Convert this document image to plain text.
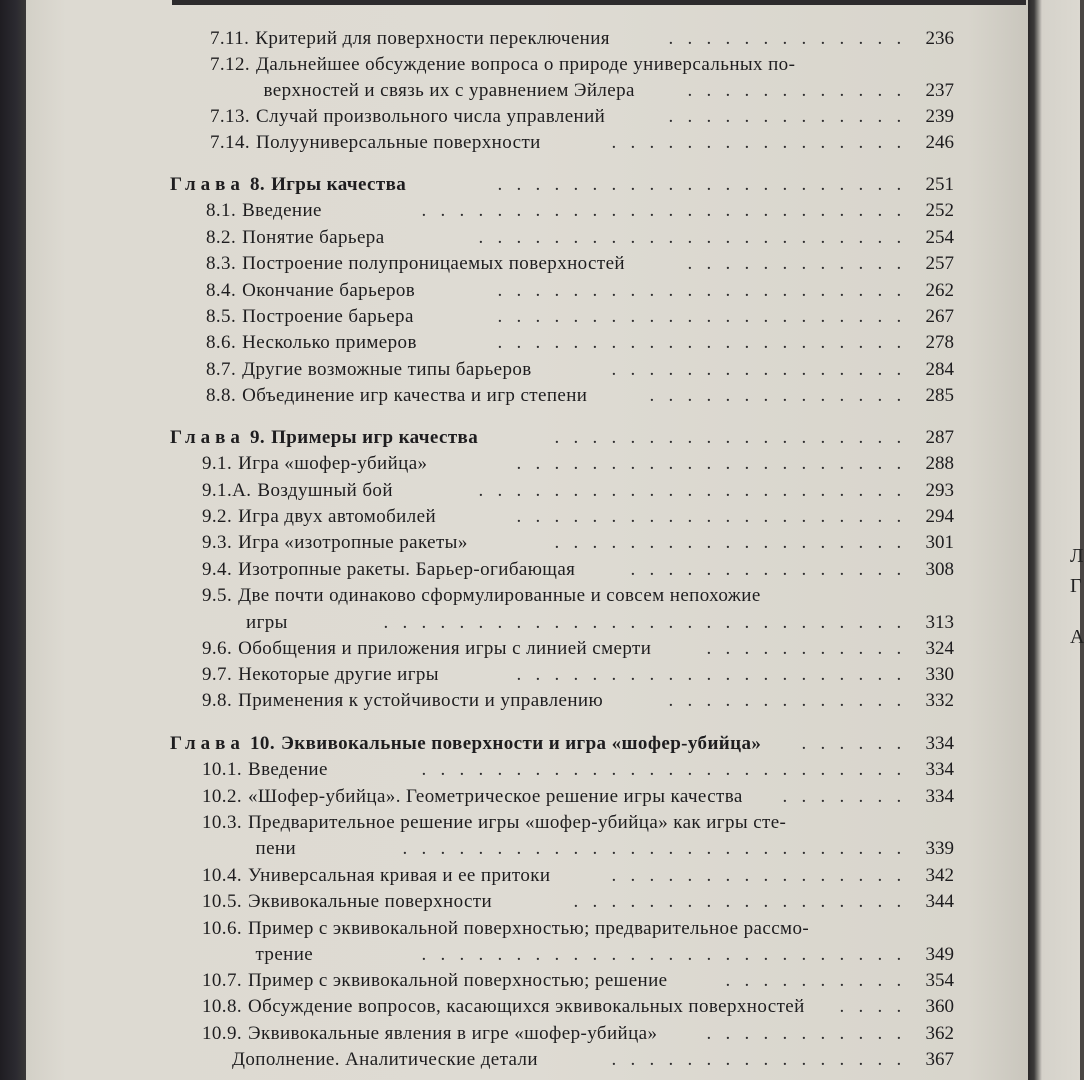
7.11. Критерий для поверхности переключения	.   .   .   .   .   .   .   .   .   .   .   .   . 236
7.12. Дальнейшее обсуждение вопроса о природе универсальных по-
верхностей и связь их с уравнением Эйлера	.   .   .   .   .   .   .   .   .   .   .   . 237
7.13. Случай произвольного числа управлений	.   .   .   .   .   .   .   .   .   .   .   .   . 239
7.14. Полууниверсальные поверхности	.   .   .   .   .   .   .   .   .   .   .   .   .   .   .   . 246
Глава 8. Игры качества	.   .   .   .   .   .   .   .   .   .   .   .   .   .   .   .   .   .   .   .   .   . 251
8.1. Введение	.   .   .   .   .   .   .   .   .   .   .   .   .   .   .   .   .   .   .   .   .   .   .   .   .   . 252
8.2. Понятие барьера	.   .   .   .   .   .   .   .   .   .   .   .   .   .   .   .   .   .   .   .   .   .   . 254
8.3. Построение полупроницаемых поверхностей	.   .   .   .   .   .   .   .   .   .   .   . 257
8.4. Окончание барьеров	.   .   .   .   .   .   .   .   .   .   .   .   .   .   .   .   .   .   .   .   .   . 262
8.5. Построение барьера	.   .   .   .   .   .   .   .   .   .   .   .   .   .   .   .   .   .   .   .   .   . 267
8.6. Несколько примеров	.   .   .   .   .   .   .   .   .   .   .   .   .   .   .   .   .   .   .   .   .   . 278
8.7. Другие возможные типы барьеров	.   .   .   .   .   .   .   .   .   .   .   .   .   .   .   . 284
8.8. Объединение игр качества и игр степени	.   .   .   .   .   .   .   .   .   .   .   .   .   . 285
Глава 9. Примеры игр качества	.   .   .   .   .   .   .   .   .   .   .   .   .   .   .   .   .   .   . 287
9.1. Игра «шофер-убийца»	.   .   .   .   .   .   .   .   .   .   .   .   .   .   .   .   .   .   .   .   . 288
9.1.А. Воздушный бой	.   .   .   .   .   .   .   .   .   .   .   .   .   .   .   .   .   .   .   .   .   .   . 293
9.2. Игра двух автомобилей	.   .   .   .   .   .   .   .   .   .   .   .   .   .   .   .   .   .   .   .   . 294
9.3. Игра «изотропные ракеты»	.   .   .   .   .   .   .   .   .   .   .   .   .   .   .   .   .   .   . 301
9.4. Изотропные ракеты. Барьер-огибающая	.   .   .   .   .   .   .   .   .   .   .   .   .   .   . 308
9.5. Две почти одинаково сформулированные и совсем непохожие
игры	.   .   .   .   .   .   .   .   .   .   .   .   .   .   .   .   .   .   .   .   .   .   .   .   .   .   .   . 313
9.6. Обобщения и приложения игры с линией смерти	.   .   .   .   .   .   .   .   .   .   . 324
9.7. Некоторые другие игры	.   .   .   .   .   .   .   .   .   .   .   .   .   .   .   .   .   .   .   .   . 330
9.8. Применения к устойчивости и управлению	.   .   .   .   .   .   .   .   .   .   .   .   . 332
Глава 10. Эквивокальные поверхности и игра «шофер-убийца»	.   .   .   .   .   . 334
10.1. Введение	.   .   .   .   .   .   .   .   .   .   .   .   .   .   .   .   .   .   .   .   .   .   .   .   .   . 334
10.2. «Шофер-убийца». Геометрическое решение игры качества	.   .   .   .   .   .   . 334
10.3. Предварительное решение игры «шофер-убийца» как игры сте-
пени	.   .   .   .   .   .   .   .   .   .   .   .   .   .   .   .   .   .   .   .   .   .   .   .   .   .   . 339
10.4. Универсальная кривая и ее притоки	.   .   .   .   .   .   .   .   .   .   .   .   .   .   .   . 342
10.5. Эквивокальные поверхности	.   .   .   .   .   .   .   .   .   .   .   .   .   .   .   .   .   . 344
10.6. Пример с эквивокальной поверхностью; предварительное рассмо-
трение	.   .   .   .   .   .   .   .   .   .   .   .   .   .   .   .   .   .   .   .   .   .   .   .   .   . 349
10.7. Пример с эквивокальной поверхностью; решение	.   .   .   .   .   .   .   .   .   . 354
10.8. Обсуждение вопросов, касающихся эквивокальных поверхностей	.   .   .   . 360
10.9. Эквивокальные явления в игре «шофер-убийца»	.   .   .   .   .   .   .   .   .   .   . 362
Дополнение. Аналитические детали	.   .   .   .   .   .   .   .   .   .   .   .   .   .   .   . 367
Л
Г
А
